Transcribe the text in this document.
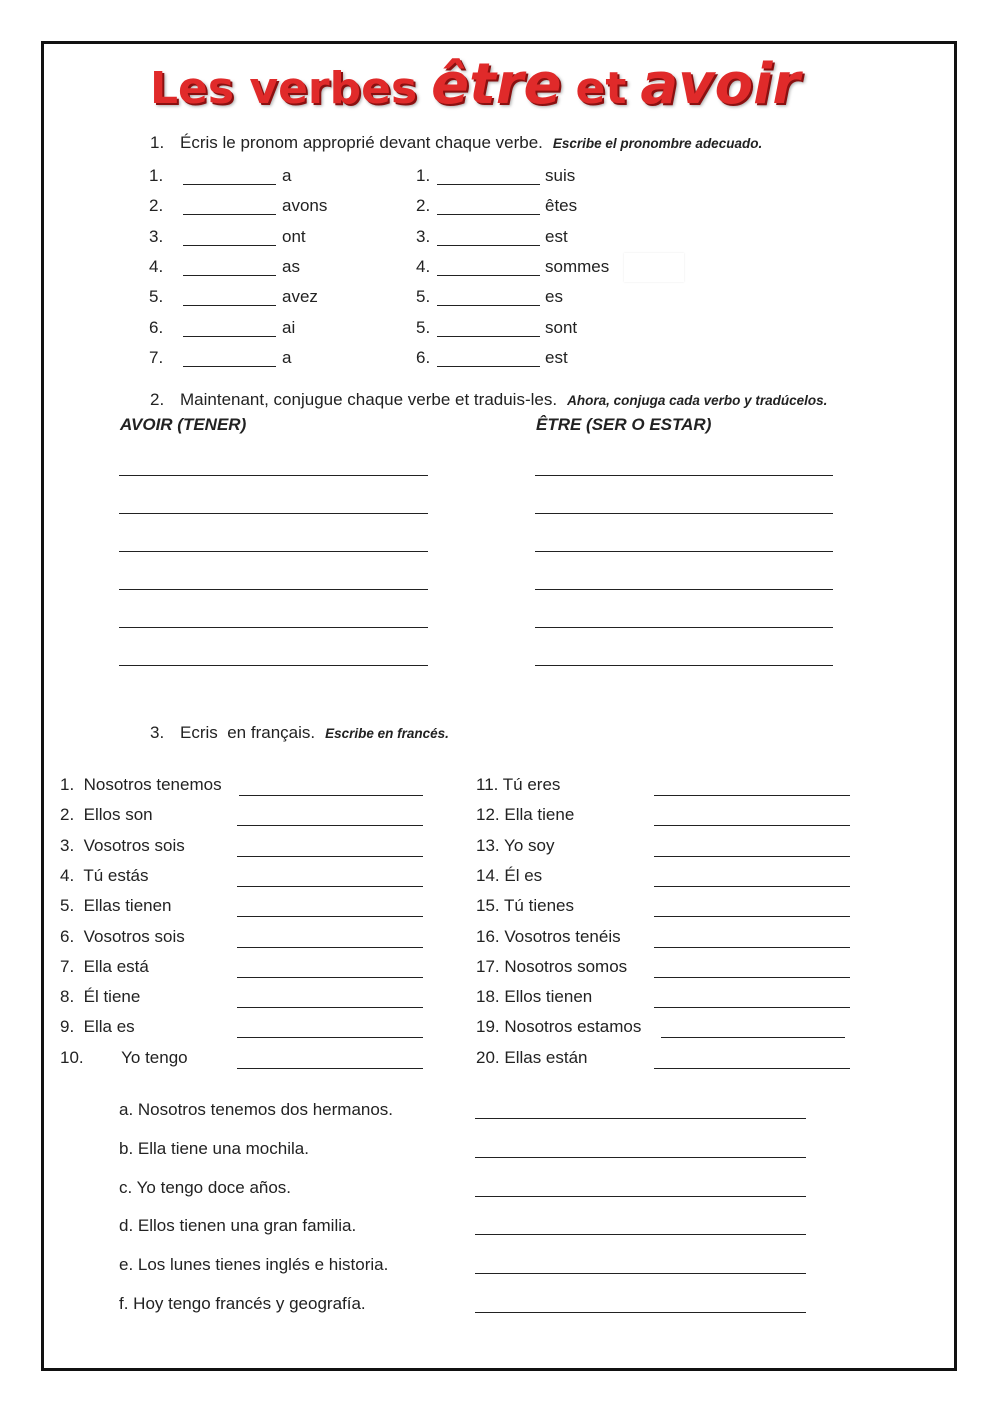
Les verbes être et avoir
1. Écris le pronom approprié devant chaque verbe. Escribe el pronombre adecuado.
1.	a
2.	avons
3.	ont
4.	as
5.	avez
6.	ai
7.	a
1.	suis
2.	êtes
3.	est
4.	sommes
5.	es
5.	sont
6.	est
2. Maintenant, conjugue chaque verbe et traduis-les. Ahora, conjuga cada verbo y tradúcelos.
AVOIR (TENER)	ÊTRE (SER O ESTAR)
3. Ecris  en français. Escribe en francés.
1.  Nosotros tenemos
2.  Ellos son
3.  Vosotros sois
4.  Tú estás
5.  Ellas tienen
6.  Vosotros sois
7.  Ella está
8.  Él tiene
9.  Ella es
10.        Yo tengo
11. Tú eres
12. Ella tiene
13. Yo soy
14. Él es
15. Tú tienes
16. Vosotros tenéis
17. Nosotros somos
18. Ellos tienen
19. Nosotros estamos
20. Ellas están
a. Nosotros tenemos dos hermanos.
b. Ella tiene una mochila.
c. Yo tengo doce años.
d. Ellos tienen una gran familia.
e. Los lunes tienes inglés e historia.
f. Hoy tengo francés y geografía.
